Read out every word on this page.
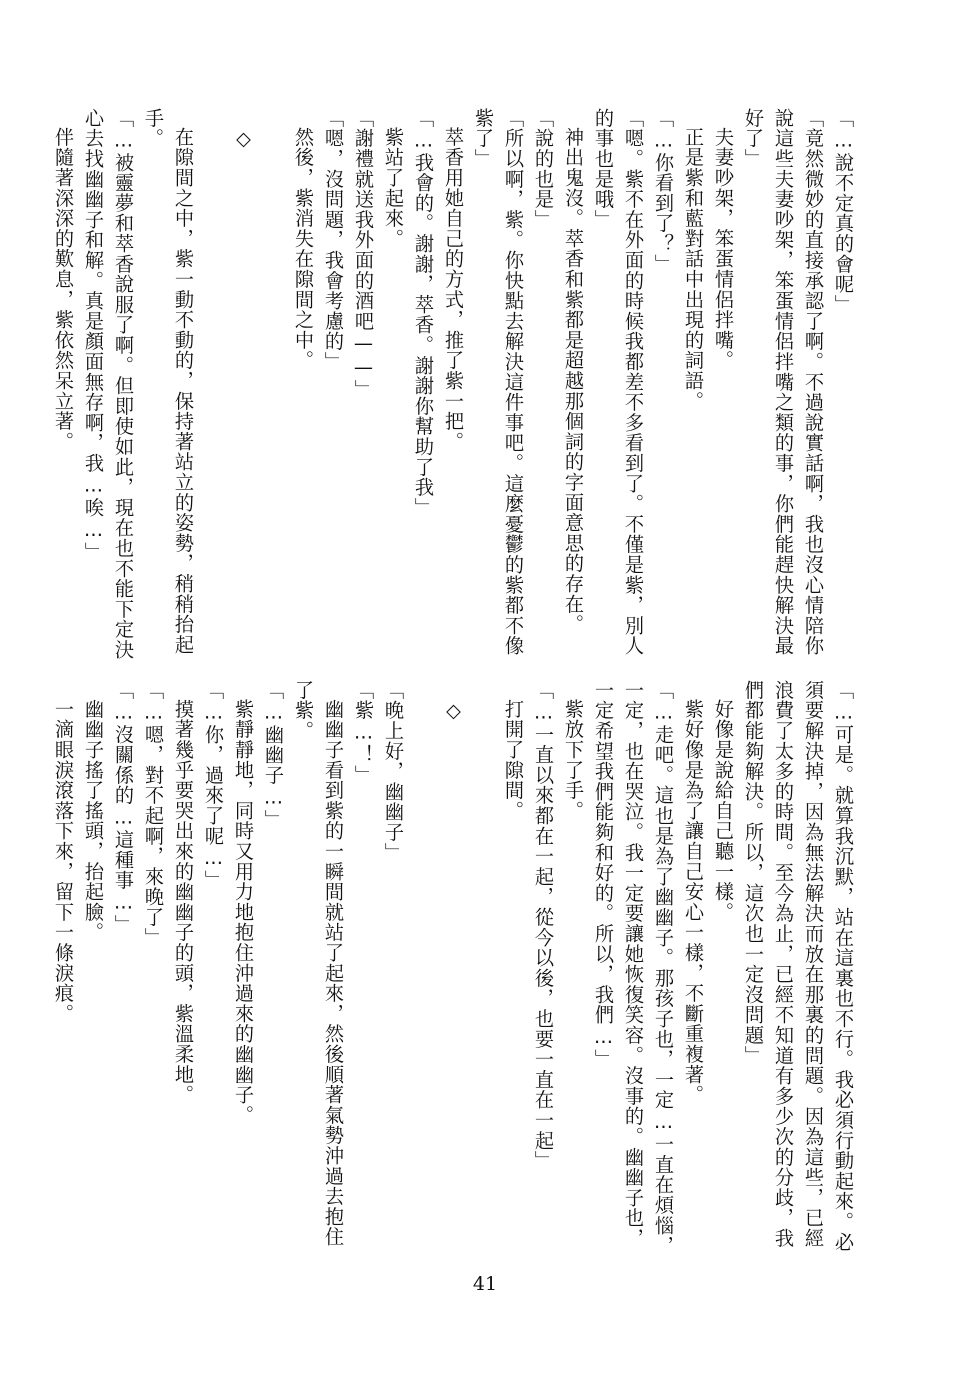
「…說不定真的會呢」
「竟然微妙的直接承認了啊。不過說實話啊，我也沒心情陪你
說這些夫妻吵架，笨蛋情侶拌嘴之類的事，你們能趕快解決最
好了」
夫妻吵架，笨蛋情侶拌嘴。
正是紫和藍對話中出現的詞語。
「…你看到了？」
「嗯。紫不在外面的時候我都差不多看到了。不僅是紫，別人
的事也是哦」
神出鬼沒。萃香和紫都是超越那個詞的字面意思的存在。
「說的也是」
「所以啊，紫。你快點去解決這件事吧。這麼憂鬱的紫都不像
紫了」
萃香用她自己的方式，推了紫一把。
「…我會的。謝謝，萃香。謝謝你幫助了我」
紫站了起來。
「謝禮就送我外面的酒吧——」
「嗯，沒問題，我會考慮的」
然後，紫消失在隙間之中。

◇

在隙間之中，紫一動不動的，保持著站立的姿勢，稍稍抬起
手。
「…被靈夢和萃香說服了啊。但即使如此，現在也不能下定決
心去找幽幽子和解。真是顏面無存啊，我…唉…」
伴隨著深深的歎息，紫依然呆立著。
「…可是。就算我沉默，站在這裏也不行。我必須行動起來。必
須要解決掉，因為無法解決而放在那裏的問題。因為這些，已經
浪費了太多的時間。至今為止，已經不知道有多少次的分歧，我
們都能夠解決。所以，這次也一定沒問題」
好像是說給自己聽一樣。
紫好像是為了讓自己安心一樣，不斷重複著。
「…走吧。這也是為了幽幽子。那孩子也，一定…一直在煩惱，
一定，也在哭泣。我一定要讓她恢復笑容。沒事的。幽幽子也，
一定希望我們能夠和好的。所以，我們…」
紫放下了手。
「…一直以來都在一起，從今以後，也要一直在一起」
打開了隙間。

◇

「晚上好，幽幽子」
「紫…！」
幽幽子看到紫的一瞬間就站了起來，然後順著氣勢沖過去抱住
了紫。
「…幽幽子…」
紫靜靜地，同時又用力地抱住沖過來的幽幽子。
「…你，過來了呢…」
摸著幾乎要哭出來的幽幽子的頭，紫溫柔地。
「…嗯，對不起啊，來晚了」
「…沒關係的…這種事…」
幽幽子搖了搖頭，抬起臉。
一滴眼淚滾落下來，留下一條淚痕。
41
